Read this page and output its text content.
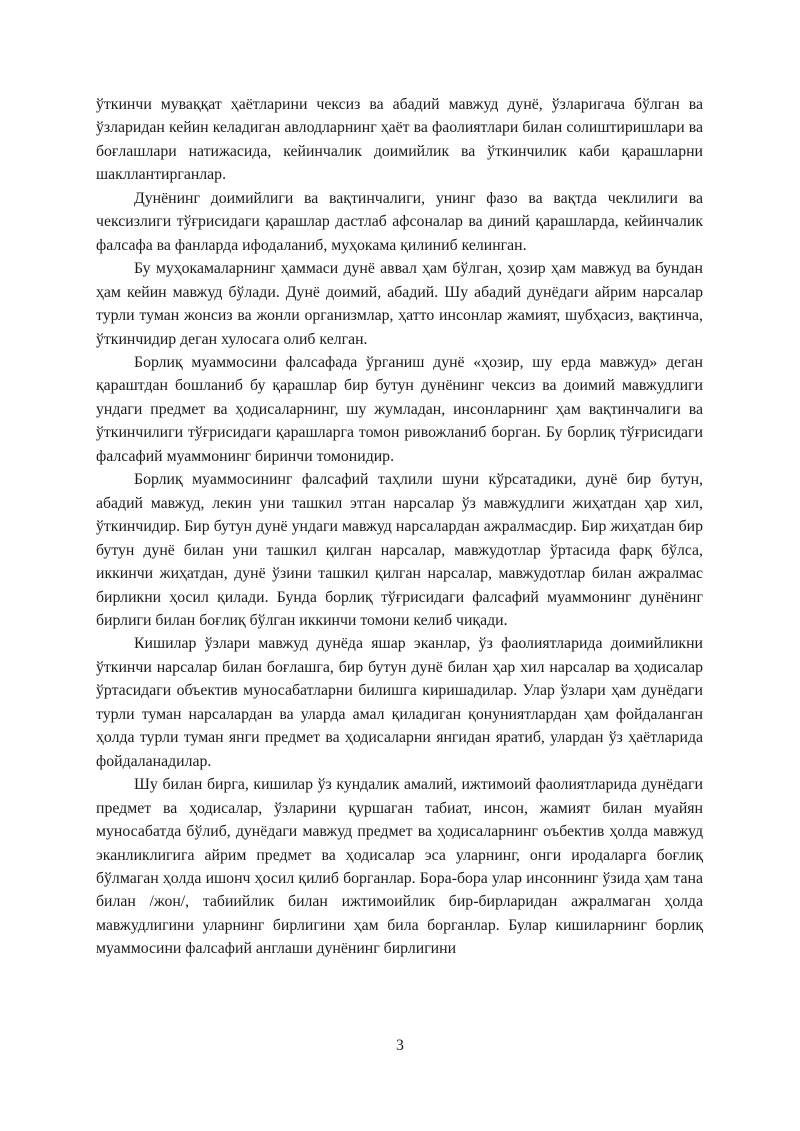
ўткинчи муваққат ҳаётларини чексиз ва абадий мавжуд дунё, ўзларигача бўлган ва ўзларидан кейин келадиган авлодларнинг ҳаёт ва фаолиятлари билан солиштиришлари ва боғлашлари натижасида, кейинчалик доимийлик ва ўткинчилик каби қарашларни шакллантирганлар.

Дунёнинг доимийлиги ва вақтинчалиги, унинг фазо ва вақтда чеклилиги ва чексизлиги тўғрисидаги қарашлар дастлаб афсоналар ва диний қарашларда, кейинчалик фалсафа ва фанларда ифодаланиб, муҳокама қилиниб келинган.

Бу муҳокамаларнинг ҳаммаси дунё аввал ҳам бўлган, ҳозир ҳам мавжуд ва бундан ҳам кейин мавжуд бўлади. Дунё доимий, абадий. Шу абадий дунёдаги айрим нарсалар турли туман жонсиз ва жонли организмлар, ҳатто инсонлар жамият, шубҳасиз, вақтинча, ўткинчидир деган хулосага олиб келган.

Борлиқ муаммосини фалсафада ўрганиш дунё «ҳозир, шу ерда мавжуд» деган қараштдан бошланиб бу қарашлар бир бутун дунёнинг чексиз ва доимий мавжудлиги ундаги предмет ва ҳодисаларнинг, шу жумладан, инсонларнинг ҳам вақтинчалиги ва ўткинчилиги тўғрисидаги қарашларга томон ривожланиб борган. Бу борлиқ тўғрисидаги фалсафий муаммонинг биринчи томонидир.

Борлиқ муаммосининг фалсафий таҳлили шуни кўрсатадики, дунё бир бутун, абадий мавжуд, лекин уни ташкил этган нарсалар ўз мавжудлиги жиҳатдан ҳар хил, ўткинчидир. Бир бутун дунё ундаги мавжуд нарсалардан ажралмасдир. Бир жиҳатдан бир бутун дунё билан уни ташкил қилган нарсалар, мавжудотлар ўртасида фарқ бўлса, иккинчи жиҳатдан, дунё ўзини ташкил қилган нарсалар, мавжудотлар билан ажралмас бирликни ҳосил қилади. Бунда борлиқ тўғрисидаги фалсафий муаммонинг дунёнинг бирлиги билан боғлиқ бўлган иккинчи томони келиб чиқади.

Кишилар ўзлари мавжуд дунёда яшар эканлар, ўз фаолиятларида доимийликни ўткинчи нарсалар билан боғлашга, бир бутун дунё билан ҳар хил нарсалар ва ҳодисалар ўртасидаги объектив муносабатларни билишга киришадилар. Улар ўзлари ҳам дунёдаги турли туман нарсалардан ва уларда амал қиладиган қонуниятлардан ҳам фойдаланган ҳолда турли туман янги предмет ва ҳодисаларни янгидан яратиб, улардан ўз ҳаётларида фойдаланадилар.

Шу билан бирга, кишилар ўз кундалик амалий, ижтимоий фаолиятларида дунёдаги предмет ва ҳодисалар, ўзларини қуршаган табиат, инсон, жамият билан муайян муносабатда бўлиб, дунёдаги мавжуд предмет ва ҳодисаларнинг оъбектив ҳолда мавжуд эканликлигига айрим предмет ва ҳодисалар эса уларнинг, онги иродаларга боғлиқ бўлмаган ҳолда ишонч ҳосил қилиб борганлар. Бора-бора улар инсоннинг ўзида ҳам тана билан /жон/, табиийлик билан ижтимоийлик бир-бирларидан ажралмаган ҳолда мавжудлигини уларнинг бирлигини ҳам била борганлар. Булар кишиларнинг борлиқ муаммосини фалсафий англаши дунёнинг бирлигини

3
